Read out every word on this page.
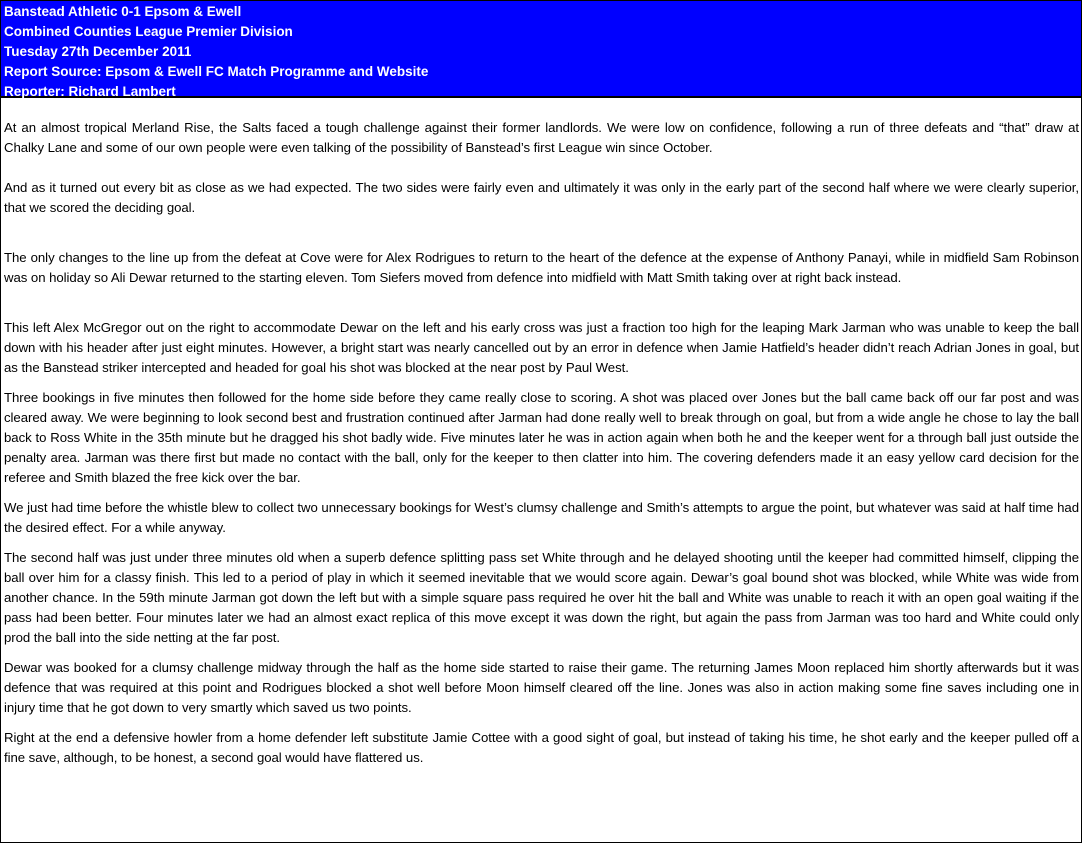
Banstead Athletic 0-1 Epsom & Ewell
Combined Counties League Premier Division
Tuesday 27th December 2011
Report Source: Epsom & Ewell FC Match Programme and Website
Reporter: Richard Lambert

At an almost tropical Merland Rise, the Salts faced a tough challenge against their former landlords. We were low on confidence, following a run of three defeats and “that” draw at Chalky Lane and some of our own people were even talking of the possibility of Banstead’s first League win since October.

And as it turned out every bit as close as we had expected. The two sides were fairly even and ultimately it was only in the early part of the second half where we were clearly superior, that we scored the deciding goal.

The only changes to the line up from the defeat at Cove were for Alex Rodrigues to return to the heart of the defence at the expense of Anthony Panayi, while in midfield Sam Robinson was on holiday so Ali Dewar returned to the starting eleven. Tom Siefers moved from defence into midfield with Matt Smith taking over at right back instead.

This left Alex McGregor out on the right to accommodate Dewar on the left and his early cross was just a fraction too high for the leaping Mark Jarman who was unable to keep the ball down with his header after just eight minutes. However, a bright start was nearly cancelled out by an error in defence when Jamie Hatfield’s header didn’t reach Adrian Jones in goal, but as the Banstead striker intercepted and headed for goal his shot was blocked at the near post by Paul West.

Three bookings in five minutes then followed for the home side before they came really close to scoring. A shot was placed over Jones but the ball came back off our far post and was cleared away. We were beginning to look second best and frustration continued after Jarman had done really well to break through on goal, but from a wide angle he chose to lay the ball back to Ross White in the 35th minute but he dragged his shot badly wide. Five minutes later he was in action again when both he and the keeper went for a through ball just outside the penalty area. Jarman was there first but made no contact with the ball, only for the keeper to then clatter into him. The covering defenders made it an easy yellow card decision for the referee and Smith blazed the free kick over the bar.

We just had time before the whistle blew to collect two unnecessary bookings for West’s clumsy challenge and Smith’s attempts to argue the point, but whatever was said at half time had the desired effect. For a while anyway.

The second half was just under three minutes old when a superb defence splitting pass set White through and he delayed shooting until the keeper had committed himself, clipping the ball over him for a classy finish. This led to a period of play in which it seemed inevitable that we would score again. Dewar’s goal bound shot was blocked, while White was wide from another chance. In the 59th minute Jarman got down the left but with a simple square pass required he over hit the ball and White was unable to reach it with an open goal waiting if the pass had been better. Four minutes later we had an almost exact replica of this move except it was down the right, but again the pass from Jarman was too hard and White could only prod the ball into the side netting at the far post.

Dewar was booked for a clumsy challenge midway through the half as the home side started to raise their game. The returning James Moon replaced him shortly afterwards but it was defence that was required at this point and Rodrigues blocked a shot well before Moon himself cleared off the line. Jones was also in action making some fine saves including one in injury time that he got down to very smartly which saved us two points.

Right at the end a defensive howler from a home defender left substitute Jamie Cottee with a good sight of goal, but instead of taking his time, he shot early and the keeper pulled off a fine save, although, to be honest, a second goal would have flattered us.
